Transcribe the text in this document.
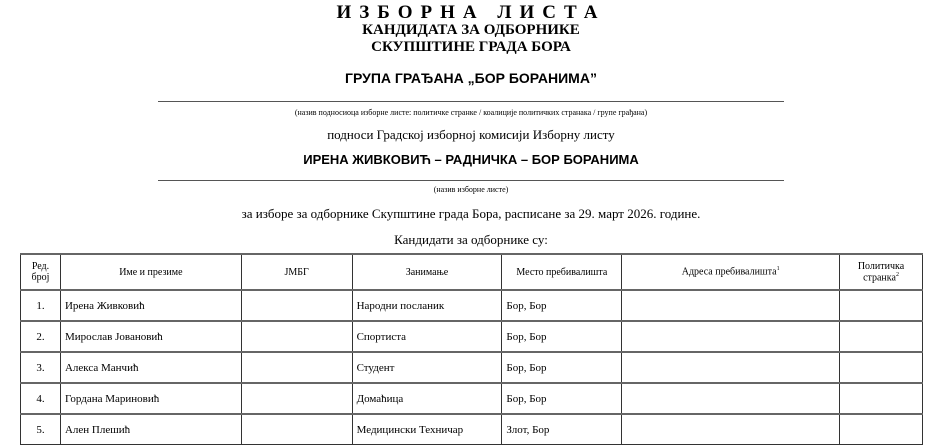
ИЗБОРНА ЛИСТА
КАНДИДАТА ЗА ОДБОРНИКЕ
СКУПШТИНЕ ГРАДА БОРА
ГРУПА ГРАЂАНА „БОР БОРАНИМА”
(назив подносиоца изборне листе: политичке странке / коалиције политичких странака / групе грађана)
подноси Градској изборној комисији Изборну листу
ИРЕНА ЖИВКОВИЋ – РАДНИЧКА – БОР БОРАНИМА
(назив изборне листе)
за изборе за одборнике Скупштине града Бора, расписане за 29. март 2026. године.
Кандидати за одборнике су:
Ред. број	Име и презиме	ЈМБГ	Занимање	Место пребивалишта	Адреса пребивалишта$^1$	Политичка странка$^2$
1.	Ирена Живковић		Народни посланик	Бор, Бор		
2.	Мирослав Јовановић		Спортиста	Бор, Бор		
3.	Алекса Манчић		Студент	Бор, Бор		
4.	Гордана Мариновић		Домаћица	Бор, Бор		
5.	Ален Плешић		Медицински Техничар	Злот, Бор		
